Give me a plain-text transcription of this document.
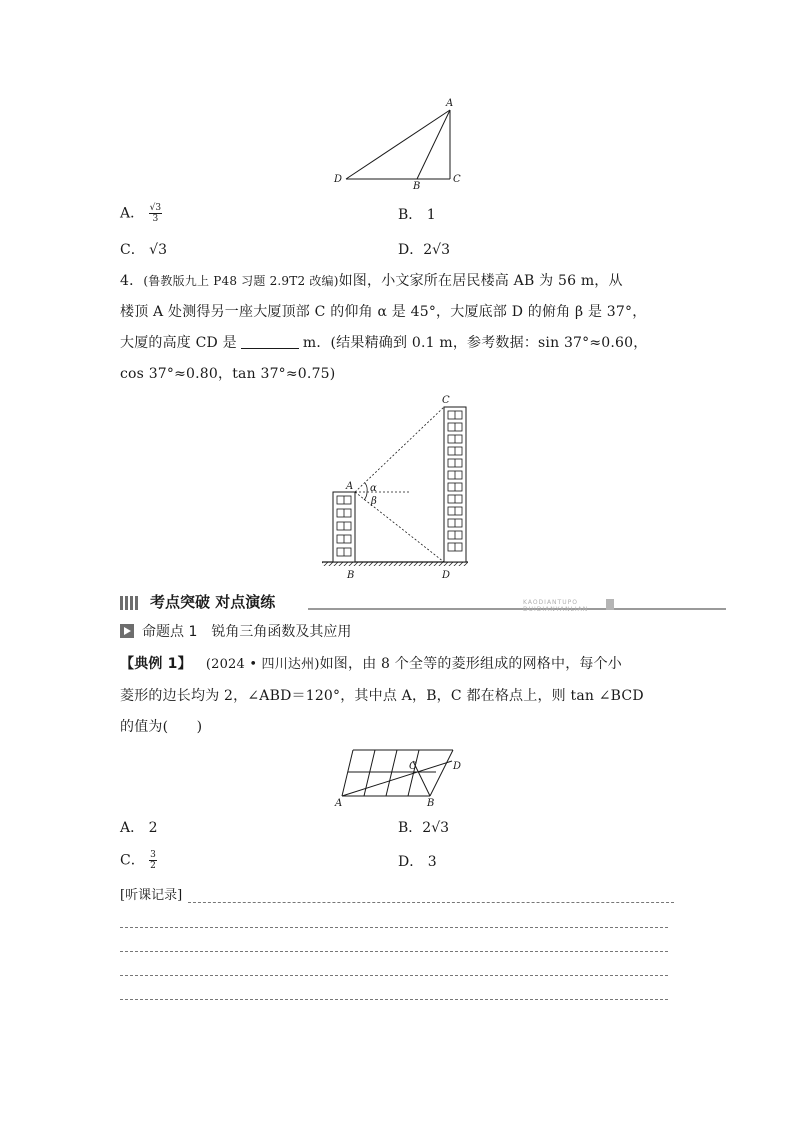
A
D
B
C
A． $\frac{√3}{3}$	B． 1
C． √3	D．2√3
4．(鲁教版九上 P48 习题 2.9T2 改编)如图，小文家所在居民楼高 AB 为 56 m，从
楼顶 A 处测得另一座大厦顶部 C 的仰角 α 是 45°，大厦底部 D 的俯角 β 是 37°，
大厦的高度 CD 是	m．(结果精确到 0.1 m，参考数据：sin 37°≈0.60，
cos 37°≈0.80，tan 37°≈0.75)
A α
β
C
B	D
考点突破 对点演练	KAODIANTUPO DUIDIANYANLIAN
命题点 1　锐角三角函数及其应用
【典例 1】 (2024 • 四川达州)如图，由 8 个全等的菱形组成的网格中，每个小
菱形的边长均为 2，∠ABD＝120°，其中点 A，B，C 都在格点上，则 tan ∠BCD
的值为(　　)
A	B
C	D
A． 2	B．2√3
C． $\frac{3}{2}$	D． 3
[听课记录]
